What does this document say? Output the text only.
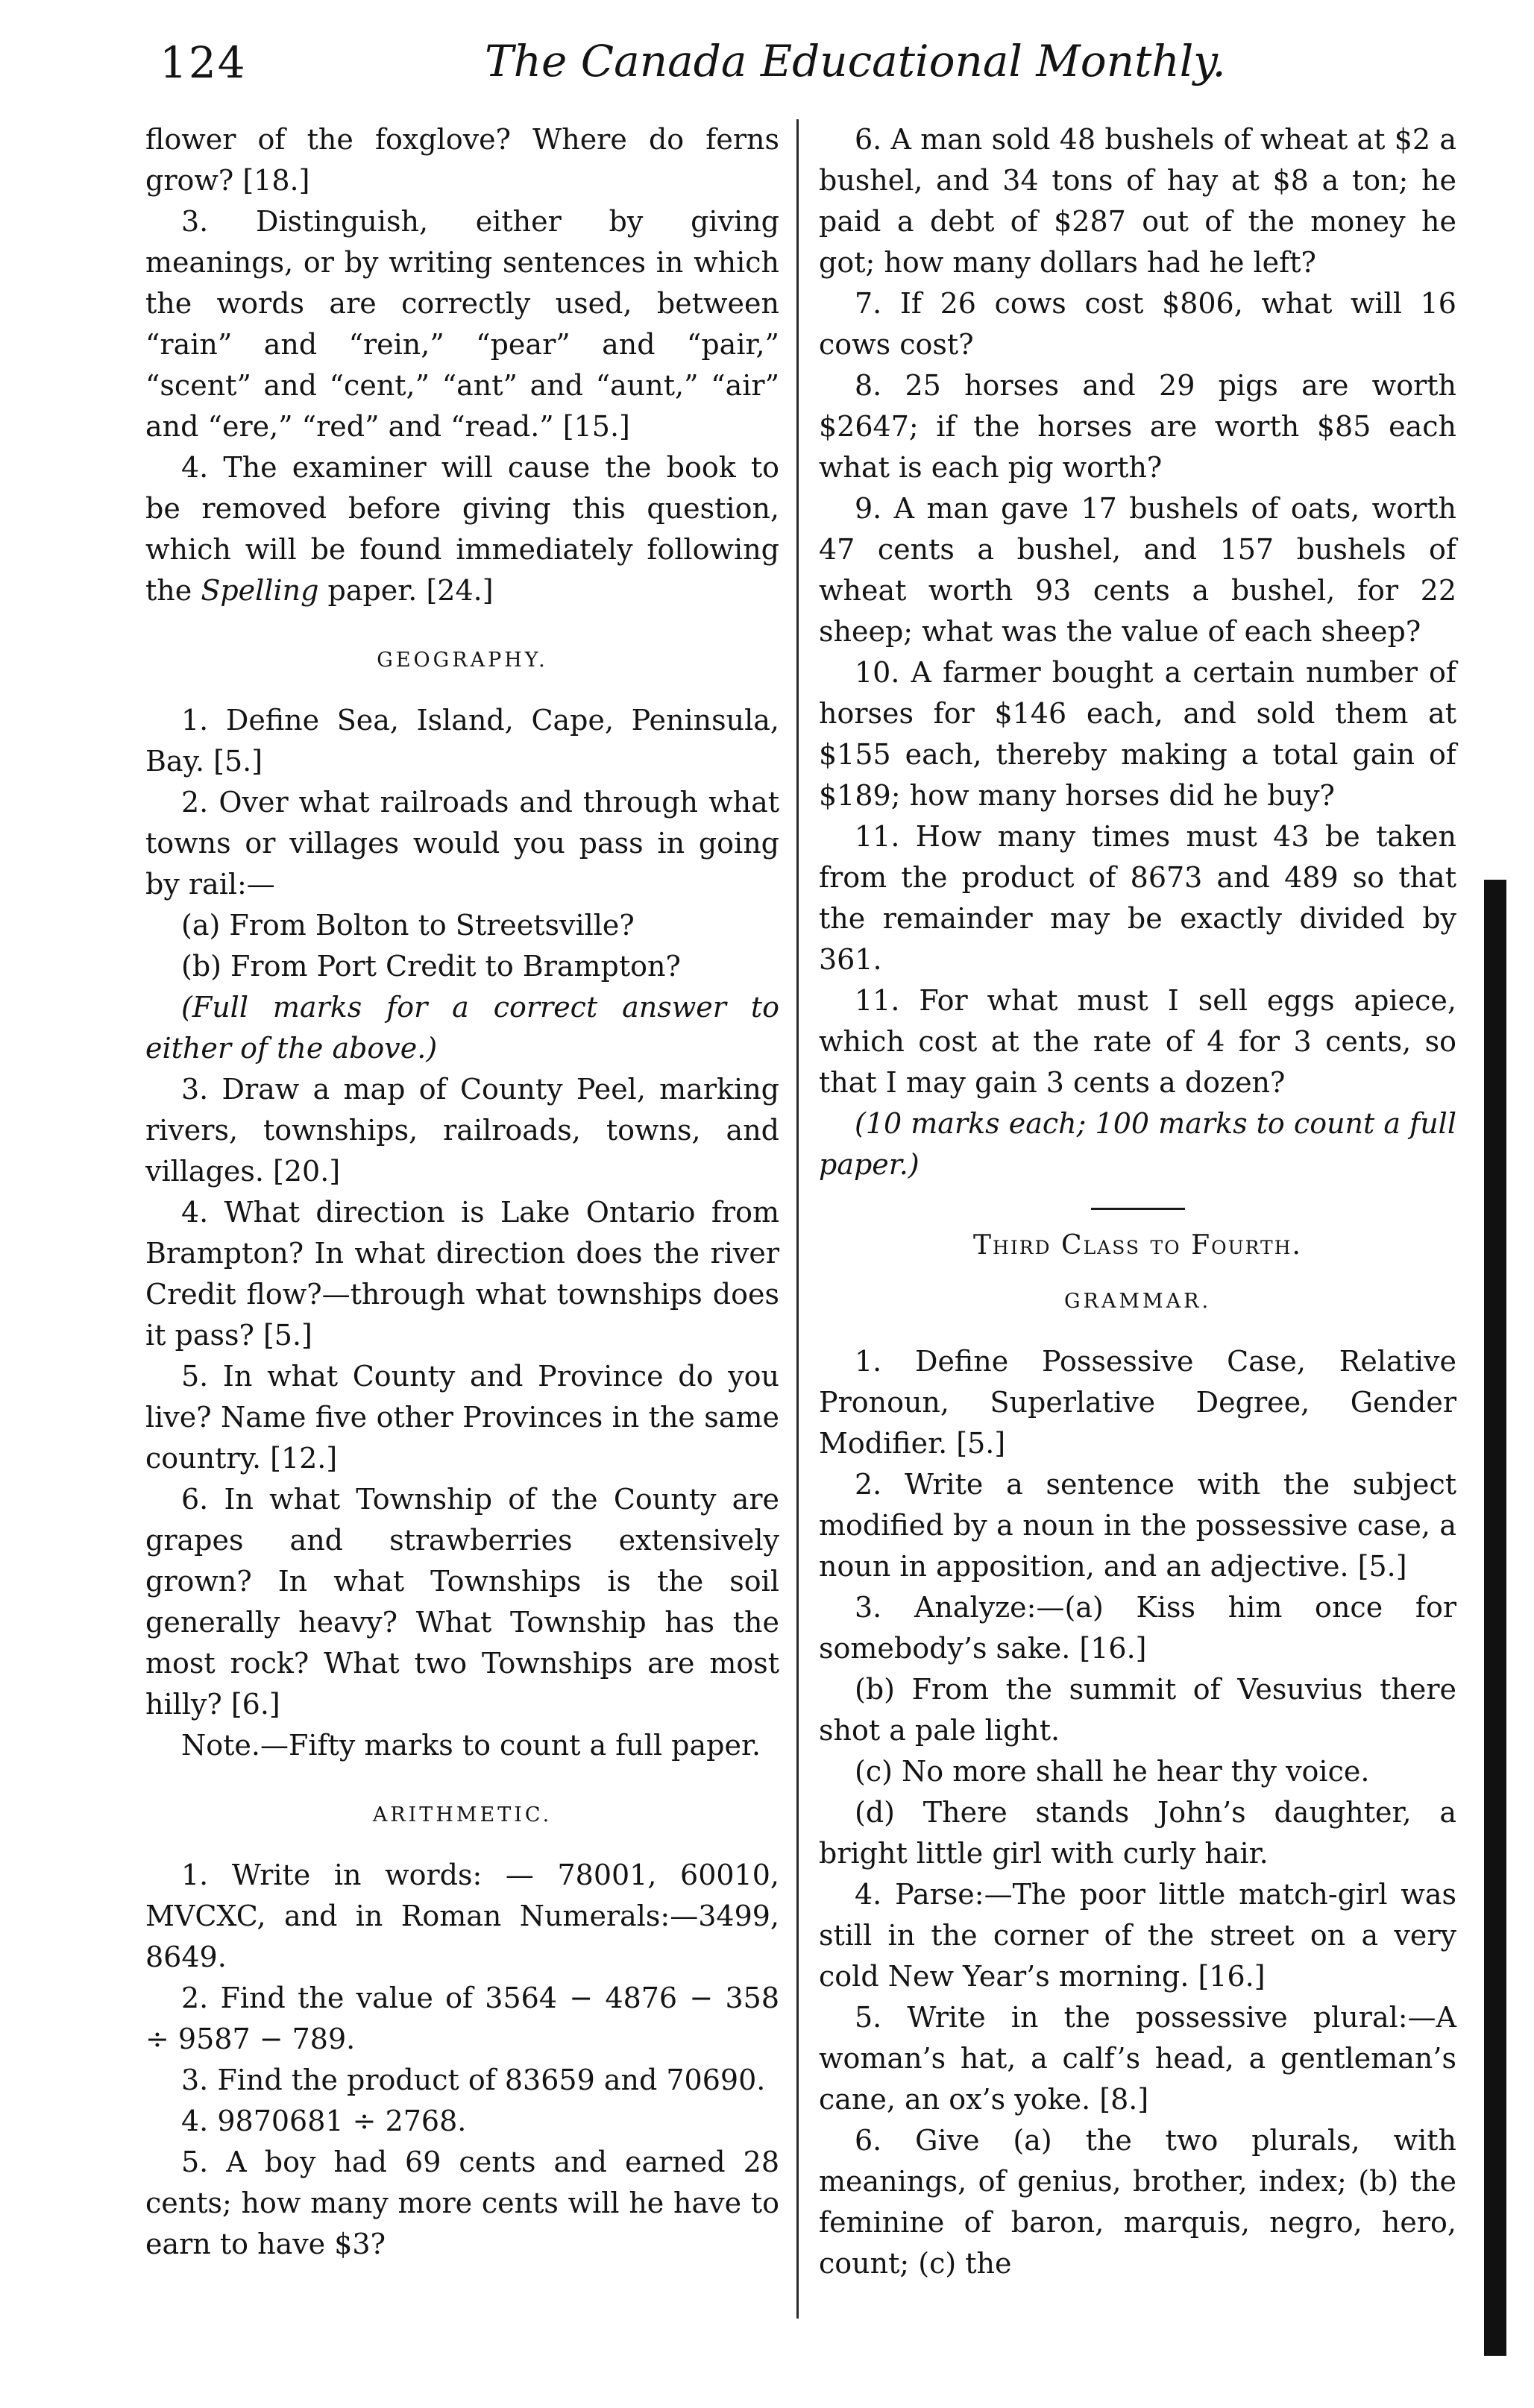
124	The Canada Educational Monthly.

flower of the foxglove? Where do ferns grow? [18.]

3. Distinguish, either by giving meanings, or by writing sentences in which the words are correctly used, between “rain” and “rein,” “pear” and “pair,” “scent” and “cent,” “ant” and “aunt,” “air” and “ere,” “red” and “read.” [15.]

4. The examiner will cause the book to be removed before giving this question, which will be found immediately following the Spelling paper. [24.]

GEOGRAPHY.

1. Define Sea, Island, Cape, Peninsula, Bay. [5.]

2. Over what railroads and through what towns or villages would you pass in going by rail:—

(a) From Bolton to Streetsville?

(b) From Port Credit to Brampton?

(Full marks for a correct answer to either of the above.)

3. Draw a map of County Peel, marking rivers, townships, railroads, towns, and villages. [20.]

4. What direction is Lake Ontario from Brampton? In what direction does the river Credit flow?—through what townships does it pass? [5.]

5. In what County and Province do you live? Name five other Provinces in the same country. [12.]

6. In what Township of the County are grapes and strawberries extensively grown? In what Townships is the soil generally heavy? What Township has the most rock? What two Townships are most hilly? [6.]

Note.—Fifty marks to count a full paper.

ARITHMETIC.

1. Write in words: — 78001, 60010, MVCXC, and in Roman Numerals:—3499, 8649.

2. Find the value of 3564 − 4876 − 358 ÷ 9587 − 789.

3. Find the product of 83659 and 70690.

4. 9870681 ÷ 2768.

5. A boy had 69 cents and earned 28 cents; how many more cents will he have to earn to have $3?

6. A man sold 48 bushels of wheat at $2 a bushel, and 34 tons of hay at $8 a ton; he paid a debt of $287 out of the money he got; how many dollars had he left?

7. If 26 cows cost $806, what will 16 cows cost?

8. 25 horses and 29 pigs are worth $2647; if the horses are worth $85 each what is each pig worth?

9. A man gave 17 bushels of oats, worth 47 cents a bushel, and 157 bushels of wheat worth 93 cents a bushel, for 22 sheep; what was the value of each sheep?

10. A farmer bought a certain number of horses for $146 each, and sold them at $155 each, thereby making a total gain of $189; how many horses did he buy?

11. How many times must 43 be taken from the product of 8673 and 489 so that the remainder may be exactly divided by 361.

11. For what must I sell eggs apiece, which cost at the rate of 4 for 3 cents, so that I may gain 3 cents a dozen?

(10 marks each; 100 marks to count a full paper.)

Third Class to Fourth.
GRAMMAR.

1. Define Possessive Case, Relative Pronoun, Superlative Degree, Gender Modifier. [5.]

2. Write a sentence with the subject modified by a noun in the possessive case, a noun in apposition, and an adjective. [5.]

3. Analyze:—(a) Kiss him once for somebody’s sake. [16.]

(b) From the summit of Vesuvius there shot a pale light.

(c) No more shall he hear thy voice.

(d) There stands John’s daughter, a bright little girl with curly hair.

4. Parse:—The poor little match-girl was still in the corner of the street on a very cold New Year’s morning. [16.]

5. Write in the possessive plural:—A woman’s hat, a calf’s head, a gentleman’s cane, an ox’s yoke. [8.]

6. Give (a) the two plurals, with meanings, of genius, brother, index; (b) the feminine of baron, marquis, negro, hero, count; (c) the
